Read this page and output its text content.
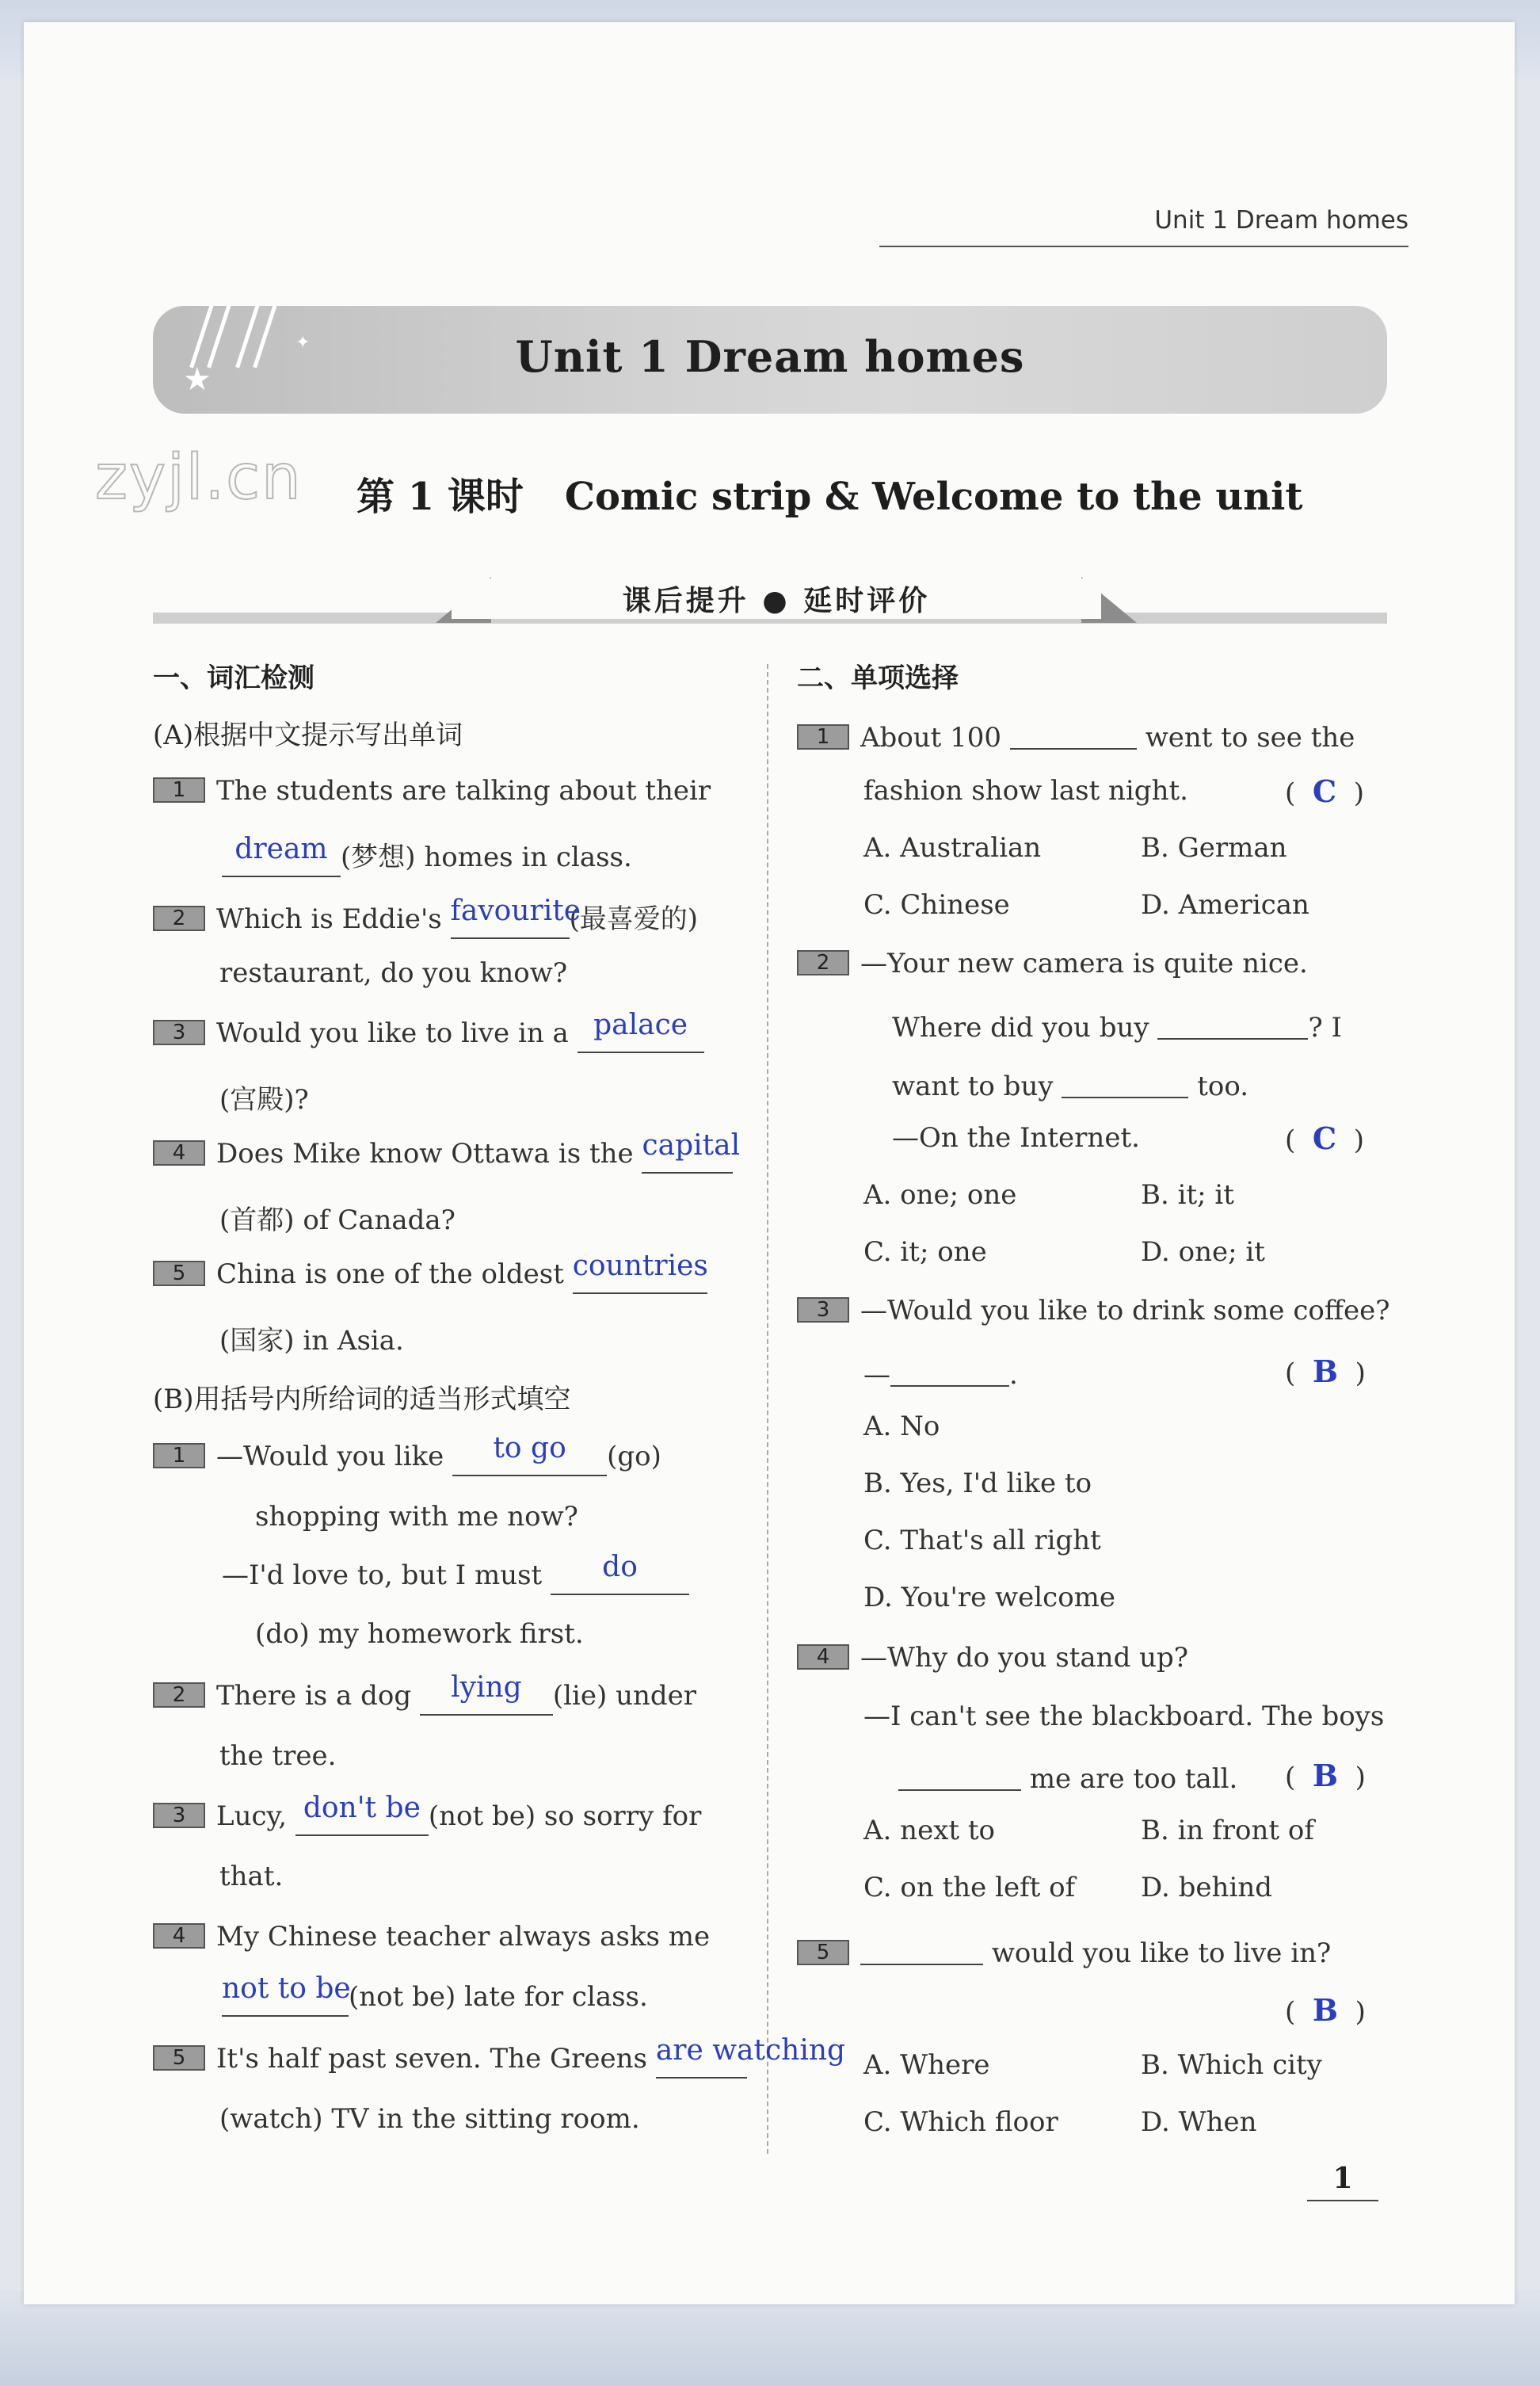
Unit 1 Dream homes
★
✦	Unit 1 Dream homes
zyjl.cn 第 1 课时 Comic strip & Welcome to the unit
课后提升 ● 延时评价
一、词汇检测
(A)根据中文提示写出单词
1 The students are talking about their
dream (梦想) homes in class.
2 Which is Eddie's favourite(最喜爱的)
restaurant, do you know?
3 Would you like to live in a palace
(宫殿)?
4 Does Mike know Ottawa is the capital
(首都) of Canada?
5 China is one of the oldest countries
(国家) in Asia.
(B)用括号内所给词的适当形式填空
1 —Would you like to go (go)
shopping with me now?
—I'd love to, but I must do
(do) my homework first.
2 There is a dog lying (lie) under
the tree.
3 Lucy, don't be (not be) so sorry for
that.
4 My Chinese teacher always asks me
not to be(not be) late for class.
5 It's half past seven. The Greens are watching
(watch) TV in the sitting room.
二、单项选择
1 About 100	went to see the
fashion show last night.	(  C  )
A. Australian	B. German
C. Chinese	D. American
2 —Your new camera is quite nice.
Where did you buy	? I
want to buy	too.
—On the Internet.	(  C  )
A. one; one	B. it; it
C. it; one	D. one; it
3 —Would you like to drink some coffee?
—	.	(  B  )
A. No
B. Yes, I'd like to
C. That's all right
D. You're welcome
4 —Why do you stand up?
—I can't see the blackboard. The boys
me are too tall. (  B  )
A. next to	B. in front of
C. on the left of D. behind
5	would you like to live in?
(  B  )
A. Where	B. Which city
C. Which floor	D. When
1
